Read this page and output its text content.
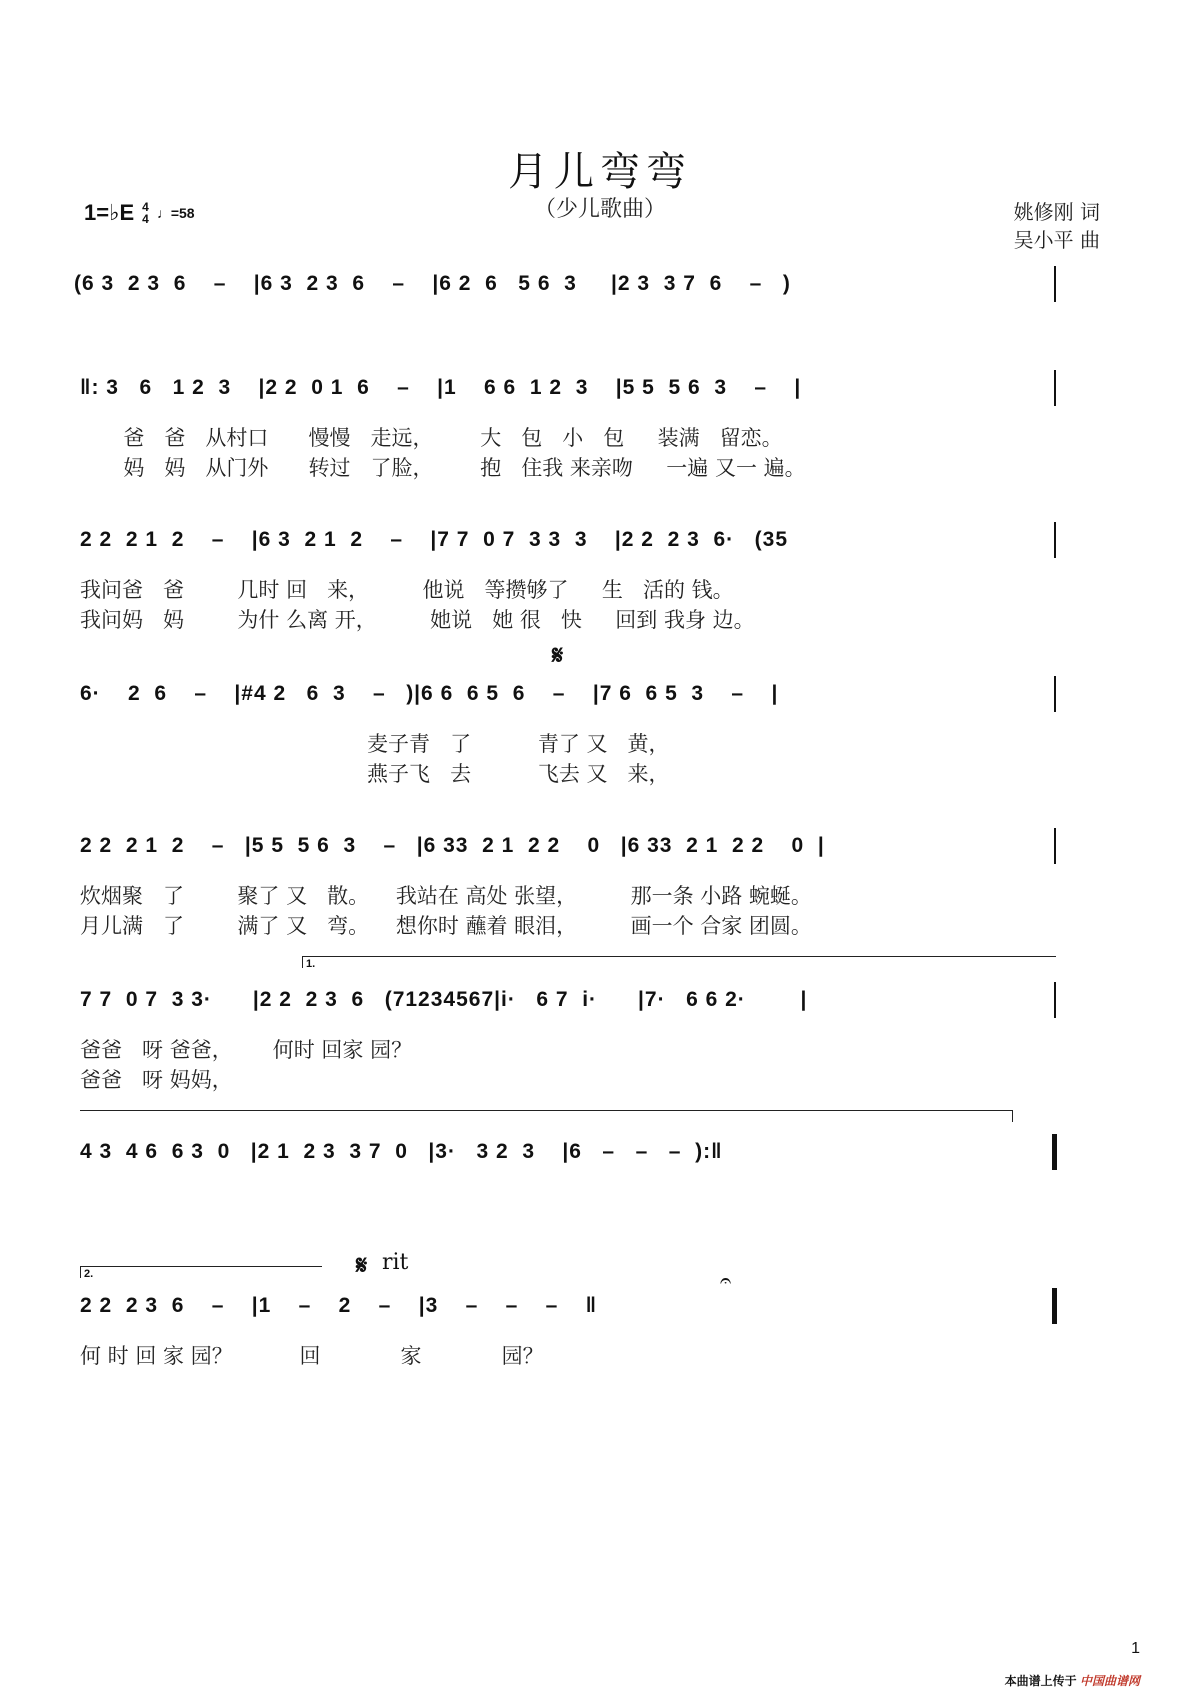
月儿弯弯
（少儿歌曲）
1=♭E 4
4 ♩=58	姚修刚 词
吴小平 曲
(6 3  2 3  6    –    |6 3  2 3  6    –    |6 2  6   5 6  3     |2 3  3 7  6    –   )
‖: 3   6   1 2  3    |2 2  0 1  6    –    |1    6 6  1 2  3    |5 5  5 6  3    –    |
爸   爸   从村口      慢慢   走远，       大   包   小   包     装满   留恋。
妈   妈   从门外      转过   了脸，       抱   住我 来亲吻     一遍 又一 遍。
2 2  2 1  2    –    |6 3  2 1  2    –    |7 7  0 7  3 3  3    |2 2  2 3  6·   (35
我问爸   爸        几时 回   来，        他说   等攒够了     生   活的 钱。
我问妈   妈        为什 么离 开，        她说   她 很   快     回到 我身 边。
𝄋
6·    2  6    –    |#4 2   6  3    –   )|6 6  6 5  6    –    |7 6  6 5  3    –    |
麦子青   了          青了 又   黄，
燕子飞   去          飞去 又   来，
2 2  2 1  2    –   |5 5  5 6  3    –   |6 33  2 1  2 2    0   |6 33  2 1  2 2    0  |
炊烟聚   了        聚了 又   散。    我站在 高处 张望，        那一条 小路 蜿蜒。
月儿满   了        满了 又   弯。    想你时 蘸着 眼泪，        画一个 合家 团圆。
1.
7 7  0 7  3 3·      |2 2  2 3  6   (71234567|i·   6 7  i·      |7·   6 6 2·        |
爸爸   呀 爸爸，      何时 回家 园？
爸爸   呀 妈妈，
4 3  4 6  6 3  0   |2 1  2 3  3 7  0   |3·   3 2  3    |6   –   –   –  ):‖
2.	𝄋 rit
𝄐
2 2  2 3  6    –    |1    –    2    –    |3    –    –    –    ‖
何 时 回 家 园？          回            家            园？
1
本曲谱上传于 中国曲谱网
